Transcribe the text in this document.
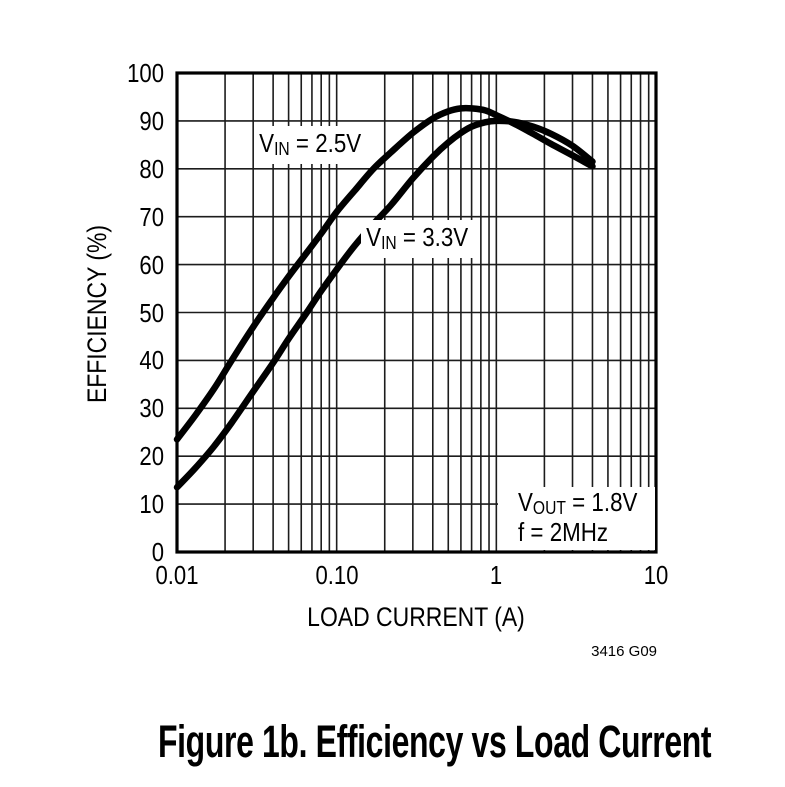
EFFICIENCY (%)
LOAD CURRENT (A)
0
10
20
30
40
50
60
70
80
90
100
0.01	0.10	1	10
VIN = 2.5V
VIN = 3.3V
VOUT = 1.8V
f = 2MHz
3416 G09
Figure 1b. Efficiency vs Load Current
